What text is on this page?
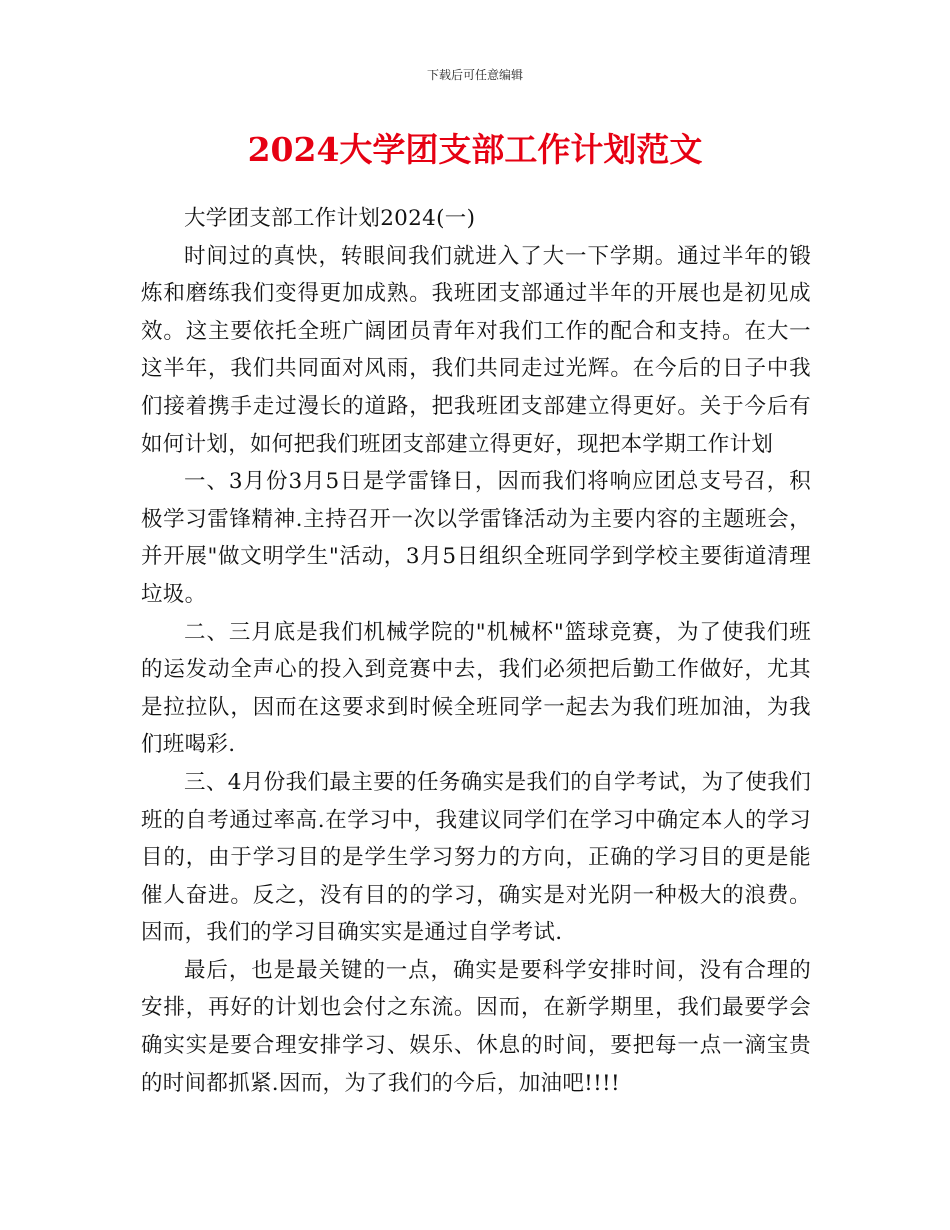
下载后可任意编辑
2024大学团支部工作计划范文

大学团支部工作计划2024(一)

时间过的真快，转眼间我们就进入了大一下学期。通过半年的锻炼和磨练我们变得更加成熟。我班团支部通过半年的开展也是初见成效。这主要依托全班广阔团员青年对我们工作的配合和支持。在大一这半年，我们共同面对风雨，我们共同走过光辉。在今后的日子中我们接着携手走过漫长的道路，把我班团支部建立得更好。关于今后有如何计划，如何把我们班团支部建立得更好，现把本学期工作计划

一、3月份3月5日是学雷锋日，因而我们将响应团总支号召，积极学习雷锋精神.主持召开一次以学雷锋活动为主要内容的主题班会，并开展"做文明学生"活动，3月5日组织全班同学到学校主要街道清理垃圾。

二、三月底是我们机械学院的"机械杯"篮球竞赛，为了使我们班的运发动全声心的投入到竞赛中去，我们必须把后勤工作做好，尤其是拉拉队，因而在这要求到时候全班同学一起去为我们班加油，为我们班喝彩.

三、4月份我们最主要的任务确实是我们的自学考试，为了使我们班的自考通过率高.在学习中，我建议同学们在学习中确定本人的学习目的，由于学习目的是学生学习努力的方向，正确的学习目的更是能催人奋进。反之，没有目的的学习，确实是对光阴一种极大的浪费。因而，我们的学习目确实实是通过自学考试.

最后，也是最关键的一点，确实是要科学安排时间，没有合理的安排，再好的计划也会付之东流。因而，在新学期里，我们最要学会确实实是要合理安排学习、娱乐、休息的时间，要把每一点一滴宝贵的时间都抓紧.因而，为了我们的今后，加油吧!!!!
